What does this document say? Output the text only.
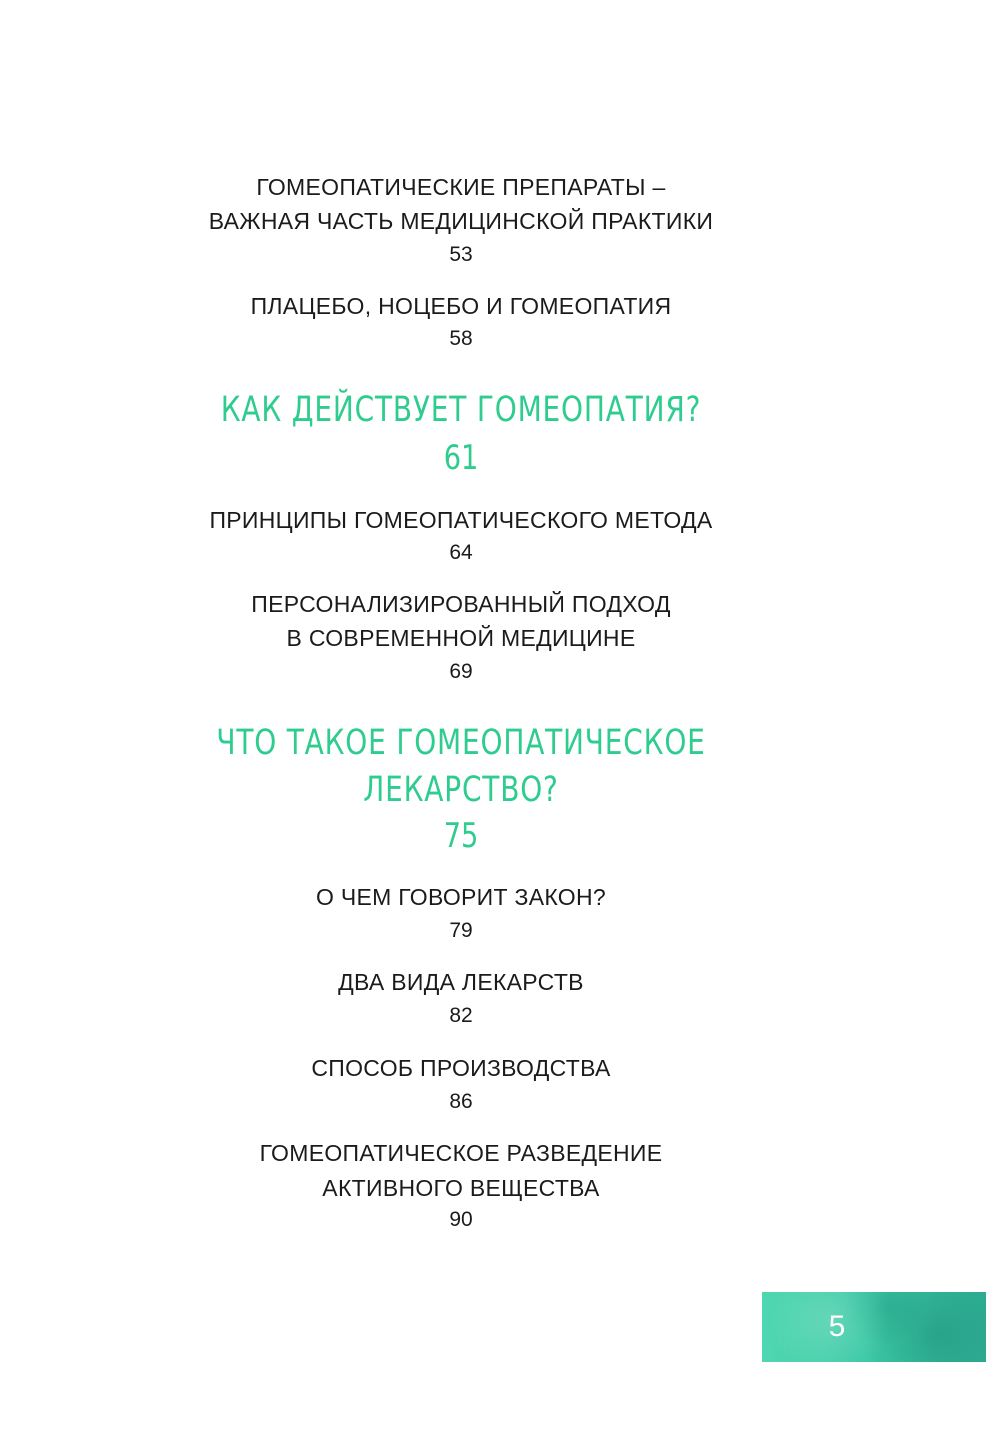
ГОМЕОПАТИЧЕСКИЕ ПРЕПАРАТЫ –

ВАЖНАЯ ЧАСТЬ МЕДИЦИНСКОЙ ПРАКТИКИ

53

ПЛАЦЕБО, НОЦЕБО И ГОМЕОПАТИЯ

58

КАК ДЕЙСТВУЕТ ГОМЕОПАТИЯ?

61

ПРИНЦИПЫ ГОМЕОПАТИЧЕСКОГО МЕТОДА

64

ПЕРСОНАЛИЗИРОВАННЫЙ ПОДХОД

В СОВРЕМЕННОЙ МЕДИЦИНЕ

69

ЧТО ТАКОЕ ГОМЕОПАТИЧЕСКОЕ

ЛЕКАРСТВО?

75

О ЧЕМ ГОВОРИТ ЗАКОН?

79

ДВА ВИДА ЛЕКАРСТВ

82

СПОСОБ ПРОИЗВОДСТВА

86

ГОМЕОПАТИЧЕСКОЕ РАЗВЕДЕНИЕ

АКТИВНОГО ВЕЩЕСТВА

90

5
